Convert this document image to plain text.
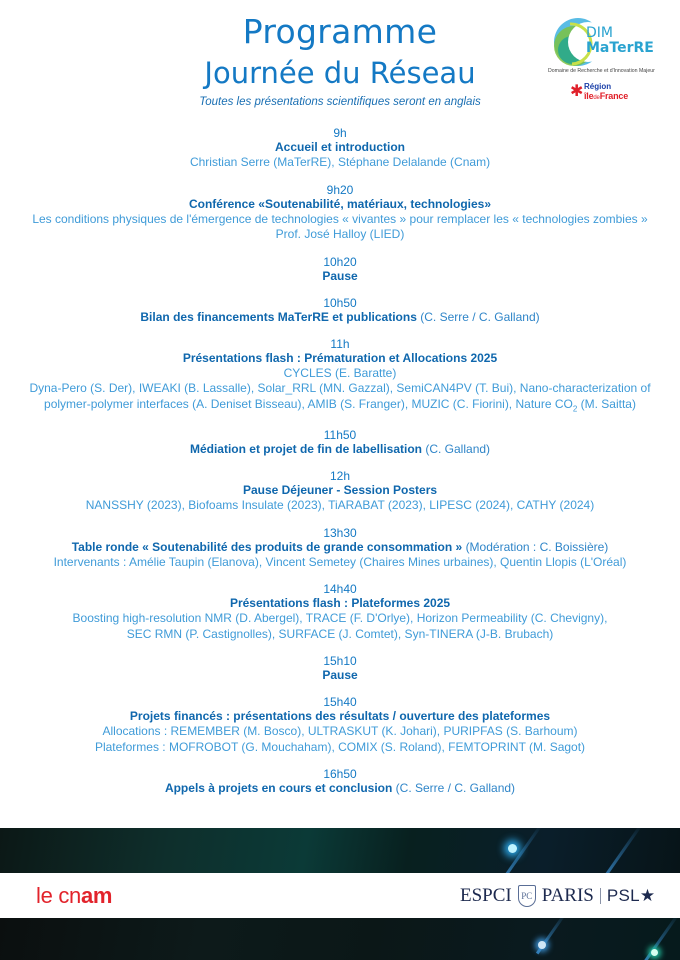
Programme
Journée du Réseau
Toutes les présentations scientifiques seront en anglais
DIM
MaTerRE
Domaine de Recherche et d'Innovation Majeur
✱ Région
îledeFrance
9h
Accueil et introduction
Christian Serre (MaTerRE), Stéphane Delalande (Cnam)
9h20
Conférence «Soutenabilité, matériaux, technologies»
Les conditions physiques de l'émergence de technologies « vivantes » pour remplacer les « technologies zombies »
Prof. José Halloy (LIED)
10h20
Pause
10h50
Bilan des financements MaTerRE et publications (C. Serre / C. Galland)
11h
Présentations flash : Prématuration et Allocations 2025
CYCLES (E. Baratte)
Dyna-Pero (S. Der), IWEAKI (B. Lassalle), Solar_RRL (MN. Gazzal), SemiCAN4PV (T. Bui), Nano-characterization of
polymer-polymer interfaces (A. Deniset Bisseau), AMIB (S. Franger), MUZIC (C. Fiorini), Nature $CO_2$ (M. Saitta)
11h50
Médiation et projet de fin de labellisation (C. Galland)
12h
Pause Déjeuner - Session Posters
NANSSHY (2023), Biofoams Insulate (2023), TiARABAT (2023), LIPESC (2024), CATHY (2024)
13h30
Table ronde « Soutenabilité des produits de grande consommation » (Modération : C. Boissière)
Intervenants : Amélie Taupin (Elanova), Vincent Semetey (Chaires Mines urbaines), Quentin Llopis (L'Oréal)
14h40
Présentations flash : Plateformes 2025
Boosting high-resolution NMR (D. Abergel), TRACE (F. D'Orlye), Horizon Permeability (C. Chevigny),
SEC RMN (P. Castignolles), SURFACE (J. Comtet), Syn-TINERA (J-B. Brubach)
15h10
Pause
15h40
Projets financés : présentations des résultats / ouverture des plateformes
Allocations : REMEMBER (M. Bosco), ULTRASKUT (K. Johari), PURIPFAS (S. Barhoum)
Plateformes : MOFROBOT (G. Mouchaham), COMIX (S. Roland), FEMTOPRINT (M. Sagot)
16h50
Appels à projets en cours et conclusion (C. Serre / C. Galland)
le cnam	ESPCI	PC PARIS PSL★
